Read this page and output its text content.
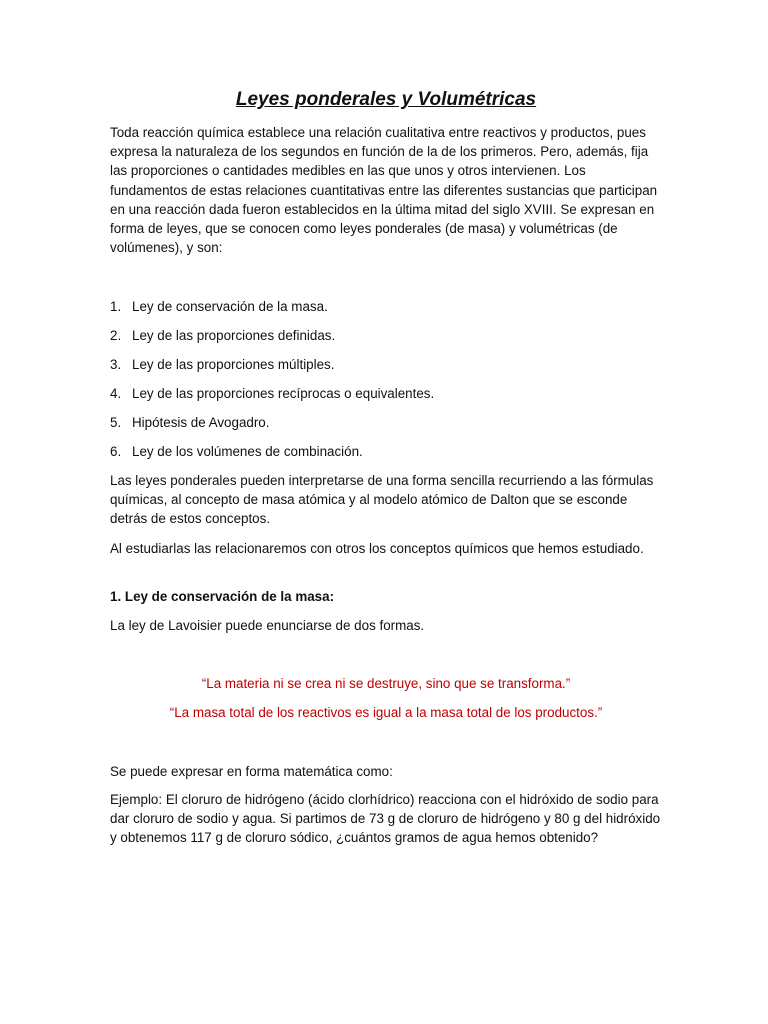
Leyes ponderales y Volumétricas

Toda reacción química establece una relación cualitativa entre reactivos y productos, pues expresa la naturaleza de los segundos en función de la de los primeros. Pero, además, fija las proporciones o cantidades medibles en las que unos y otros intervienen. Los fundamentos de estas relaciones cuantitativas entre las diferentes sustancias que participan en una reacción dada fueron establecidos en la última mitad del siglo XVIII. Se expresan en forma de leyes, que se conocen como leyes ponderales (de masa) y volumétricas (de volúmenes), y son:

1. Ley de conservación de la masa.
2. Ley de las proporciones definidas.
3. Ley de las proporciones múltiples.
4. Ley de las proporciones recíprocas o equivalentes.
5. Hipótesis de Avogadro.
6. Ley de los volúmenes de combinación.

Las leyes ponderales pueden interpretarse de una forma sencilla recurriendo a las fórmulas químicas, al concepto de masa atómica y al modelo atómico de Dalton que se esconde detrás de estos conceptos.

Al estudiarlas las relacionaremos con otros los conceptos químicos que hemos estudiado.

1. Ley de conservación de la masa:

La ley de Lavoisier puede enunciarse de dos formas.

“La materia ni se crea ni se destruye, sino que se transforma.”

“La masa total de los reactivos es igual a la masa total de los productos.”

Se puede expresar en forma matemática como:

Ejemplo: El cloruro de hidrógeno (ácido clorhídrico) reacciona con el hidróxido de sodio para dar cloruro de sodio y agua. Si partimos de 73 g de cloruro de hidrógeno y 80 g del hidróxido y obtenemos 117 g de cloruro sódico, ¿cuántos gramos de agua hemos obtenido?
